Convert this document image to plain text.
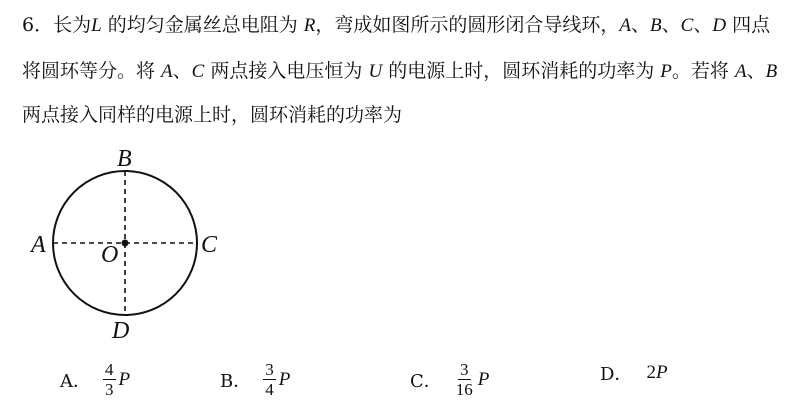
6．长为L 的均匀金属丝总电阻为 R，弯成如图所示的圆形闭合导线环，A、B、C、D 四点
将圆环等分。将 A、C 两点接入电压恒为 U 的电源上时，圆环消耗的功率为 P。若将 A、B
两点接入同样的电源上时，圆环消耗的功率为
B
A	C
O
D
A． $\frac{4}{3}$ P	B． $\frac{3}{4}$ P	C． $\frac{3}{16}$ P	D． 2 P
